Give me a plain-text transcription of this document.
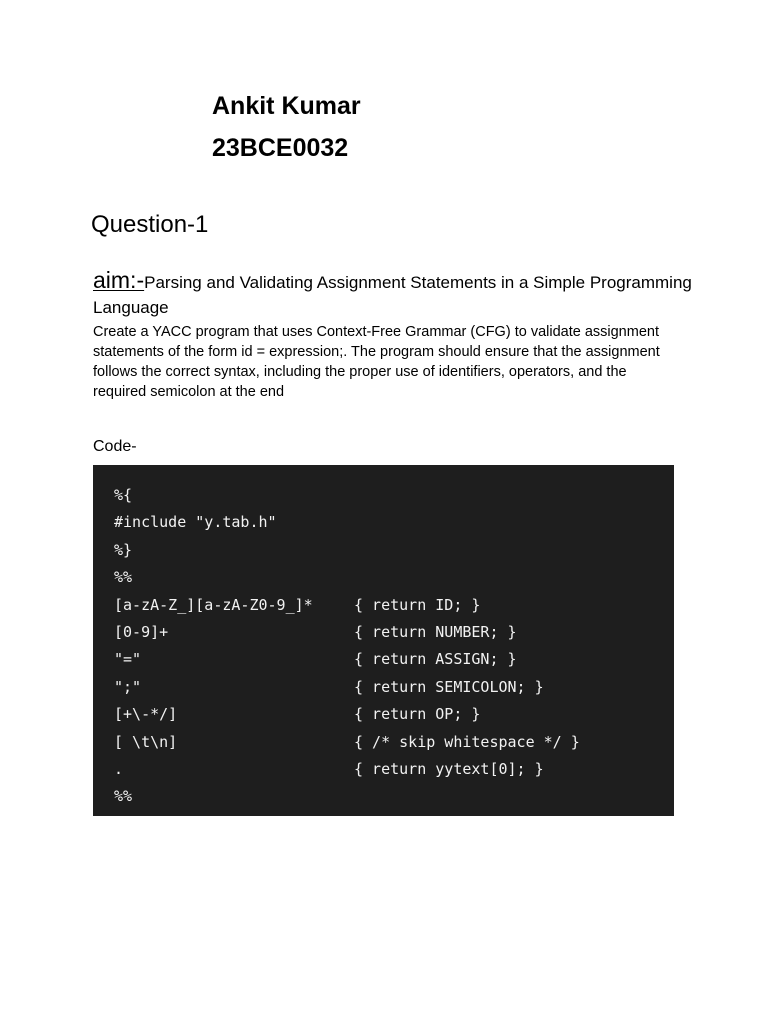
Ankit Kumar
23BCE0032
Question-1

aim:-Parsing and Validating Assignment Statements in a Simple Programming Language

Create a YACC program that uses Context-Free Grammar (CFG) to validate assignment statements of the form id = expression;. The program should ensure that the assignment follows the correct syntax, including the proper use of identifiers, operators, and the required semicolon at the end

Code-

%{
#include "y.tab.h"
%}
%%
[a-zA-Z_][a-zA-Z0-9_]*	{ return ID; }
[0-9]+	{ return NUMBER; }
"="	{ return ASSIGN; }
";"	{ return SEMICOLON; }
[+\-*/]	{ return OP; }
[ \t\n]	{ /* skip whitespace */ }
.	{ return yytext[0]; }
%%
